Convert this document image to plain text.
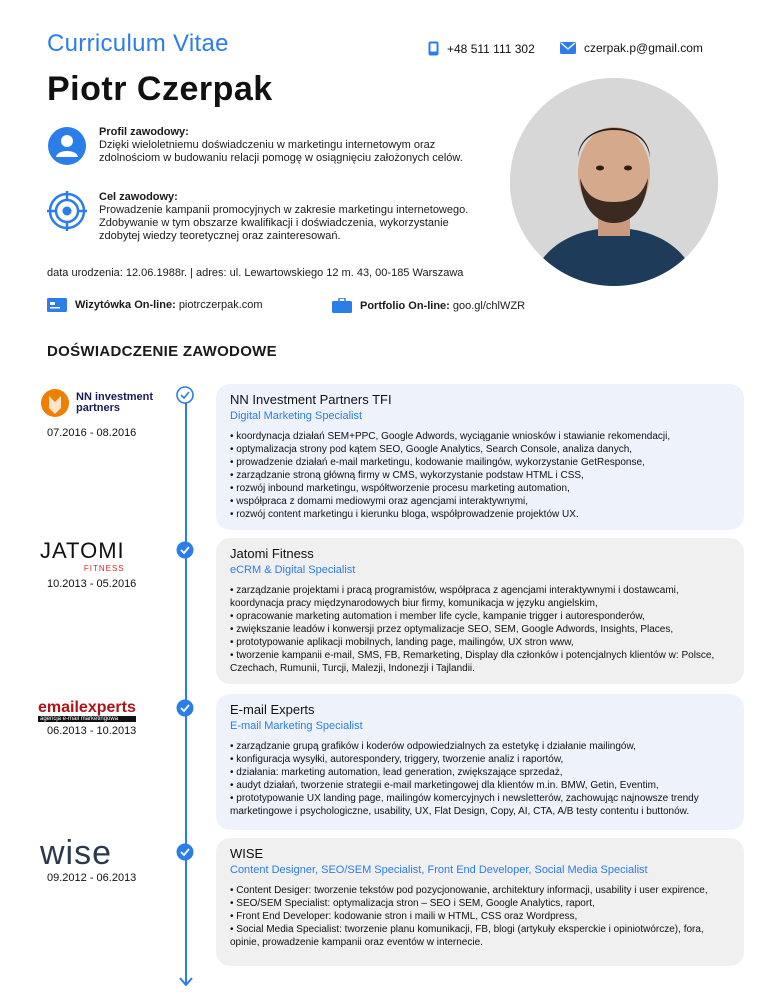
Curriculum Vitae
Piotr Czerpak
+48 511 111 302	czerpak.p@gmail.com
Profil zawodowy:
Dzięki wieloletniemu doświadczeniu w marketingu internetowym oraz zdolnościom w budowaniu relacji pomogę w osiągnięciu założonych celów.
Cel zawodowy:
Prowadzenie kampanii promocyjnych w zakresie marketingu internetowego. Zdobywanie w tym obszarze kwalifikacji i doświadczenia, wykorzystanie zdobytej wiedzy teoretycznej oraz zainteresowań.
data urodzenia: 12.06.1988r. | adres: ul. Lewartowskiego 12 m. 43, 00-185 Warszawa
Wizytówka On-line: piotrczerpak.com	Portfolio On-line: goo.gl/chlWZR
DOŚWIADCZENIE ZAWODOWE
NN investment
partners
07.2016 - 08.2016
JATOMI
FITNESS
10.2013 - 05.2016
emailexperts
agencja e-mail marketingowa
06.2013 - 10.2013
wise
09.2012 - 06.2013
NN Investment Partners TFI
Digital Marketing Specialist
• koordynacja działań SEM+PPC, Google Adwords, wyciąganie wniosków i stawianie rekomendacji,
• optymalizacja strony pod kątem SEO, Google Analytics, Search Console, analiza danych,
• prowadzenie działań e-mail marketingu, kodowanie mailingów, wykorzystanie GetResponse,
• zarządzanie stroną główną firmy w CMS, wykorzystanie podstaw HTML i CSS,
• rozwój inbound marketingu, współtworzenie procesu marketing automation,
• współpraca z domami mediowymi oraz agencjami interaktywnymi,
• rozwój content marketingu i kierunku bloga, współprowadzenie projektów UX.
Jatomi Fitness
eCRM & Digital Specialist
• zarządzanie projektami i pracą programistów, współpraca z agencjami interaktywnymi i dostawcami, koordynacja pracy międzynarodowych biur firmy, komunikacja w języku angielskim,
• opracowanie marketing automation i member life cycle, kampanie trigger i autoresponderów,
• zwiększanie leadów i konwersji przez optymalizacje SEO, SEM, Google Adwords, Insights, Places,
• prototypowanie aplikacji mobilnych, landing page, mailingów, UX stron www,
• tworzenie kampanii e-mail, SMS, FB, Remarketing, Display dla członków i potencjalnych klientów w: Polsce, Czechach, Rumunii, Turcji, Malezji, Indonezji i Tajlandii.
E-mail Experts
E-mail Marketing Specialist
• zarządzanie grupą grafików i koderów odpowiedzialnych za estetykę i działanie mailingów,
• konfiguracja wysyłki, autorespondery, triggery, tworzenie analiz i raportów,
• działania: marketing automation, lead generation, zwiększające sprzedaż,
• audyt działań, tworzenie strategii e-mail marketingowej dla klientów m.in. BMW, Getin, Eventim,
• prototypowanie UX landing page, mailingów komercyjnych i newsletterów, zachowując najnowsze trendy marketingowe i psychologiczne, usability, UX, Flat Design, Copy, AI, CTA, A/B testy contentu i buttonów.
WISE
Content Designer, SEO/SEM Specialist, Front End Developer, Social Media Specialist
• Content Desiger: tworzenie tekstów pod pozycjonowanie, architektury informacji, usability i user expirence,
• SEO/SEM Specialist: optymalizacja stron – SEO i SEM, Google Analytics, raport,
• Front End Developer: kodowanie stron i maili w HTML, CSS oraz Wordpress,
• Social Media Specialist: tworzenie planu komunikacji, FB, blogi (artykuły eksperckie i opiniotwórcze), fora, opinie, prowadzenie kampanii oraz eventów w internecie.
